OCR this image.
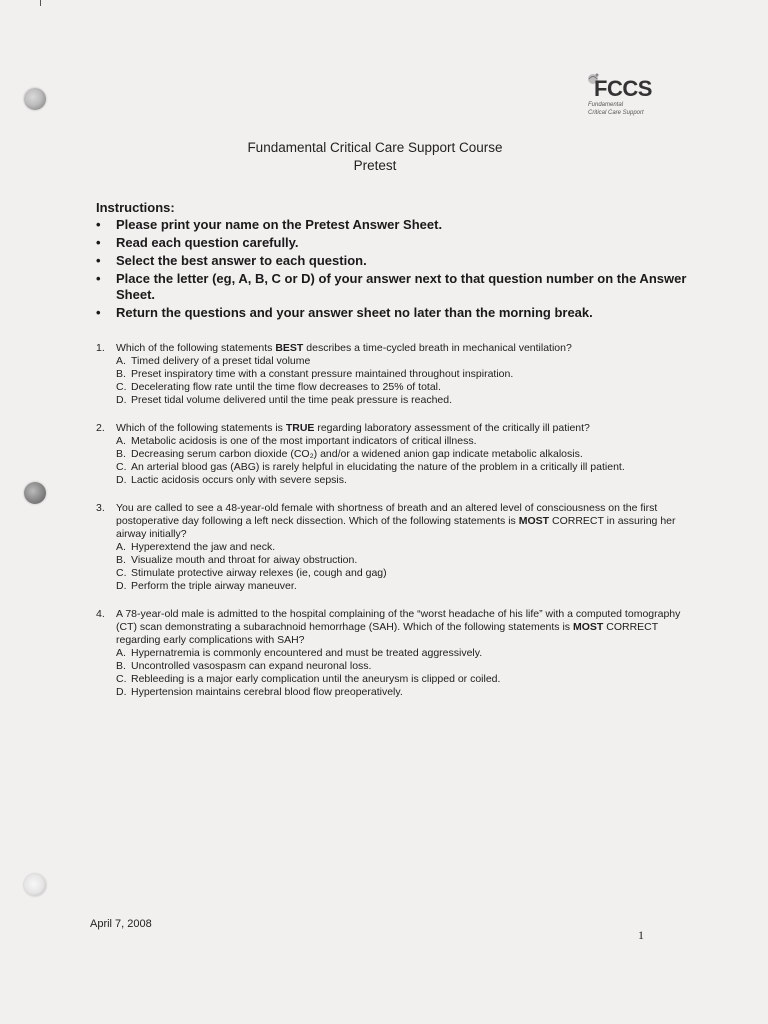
FCCS
Fundamental
Critical Care Support
Fundamental Critical Care Support Course
Pretest
Instructions:
• Please print your name on the Pretest Answer Sheet.
• Read each question carefully.
• Select the best answer to each question.
• Place the letter (eg, A, B, C or D) of your answer next to that question number on the Answer Sheet.
• Return the questions and your answer sheet no later than the morning break.
1.	Which of the following statements BEST describes a time-cycled breath in mechanical ventilation?
A. Timed delivery of a preset tidal volume
B. Preset inspiratory time with a constant pressure maintained throughout inspiration.
C. Decelerating flow rate until the time flow decreases to 25% of total.
D. Preset tidal volume delivered until the time peak pressure is reached.
2.	Which of the following statements is TRUE regarding laboratory assessment of the critically ill patient?
A. Metabolic acidosis is one of the most important indicators of critical illness.
B. Decreasing serum carbon dioxide (CO₂) and/or a widened anion gap indicate metabolic alkalosis.
C. An arterial blood gas (ABG) is rarely helpful in elucidating the nature of the problem in a critically ill patient.
D. Lactic acidosis occurs only with severe sepsis.
3.	You are called to see a 48-year-old female with shortness of breath and an altered level of consciousness on the first postoperative day following a left neck dissection. Which of the following statements is MOST CORRECT in assuring her airway initially?
A. Hyperextend the jaw and neck.
B. Visualize mouth and throat for aiway obstruction.
C. Stimulate protective airway relexes (ie, cough and gag)
D. Perform the triple airway maneuver.
4.	A 78-year-old male is admitted to the hospital complaining of the “worst headache of his life” with a computed tomography (CT) scan demonstrating a subarachnoid hemorrhage (SAH). Which of the following statements is MOST CORRECT regarding early complications with SAH?
A. Hypernatremia is commonly encountered and must be treated aggressively.
B. Uncontrolled vasospasm can expand neuronal loss.
C. Rebleeding is a major early complication until the aneurysm is clipped or coiled.
D. Hypertension maintains cerebral blood flow preoperatively.
April 7, 2008
1
